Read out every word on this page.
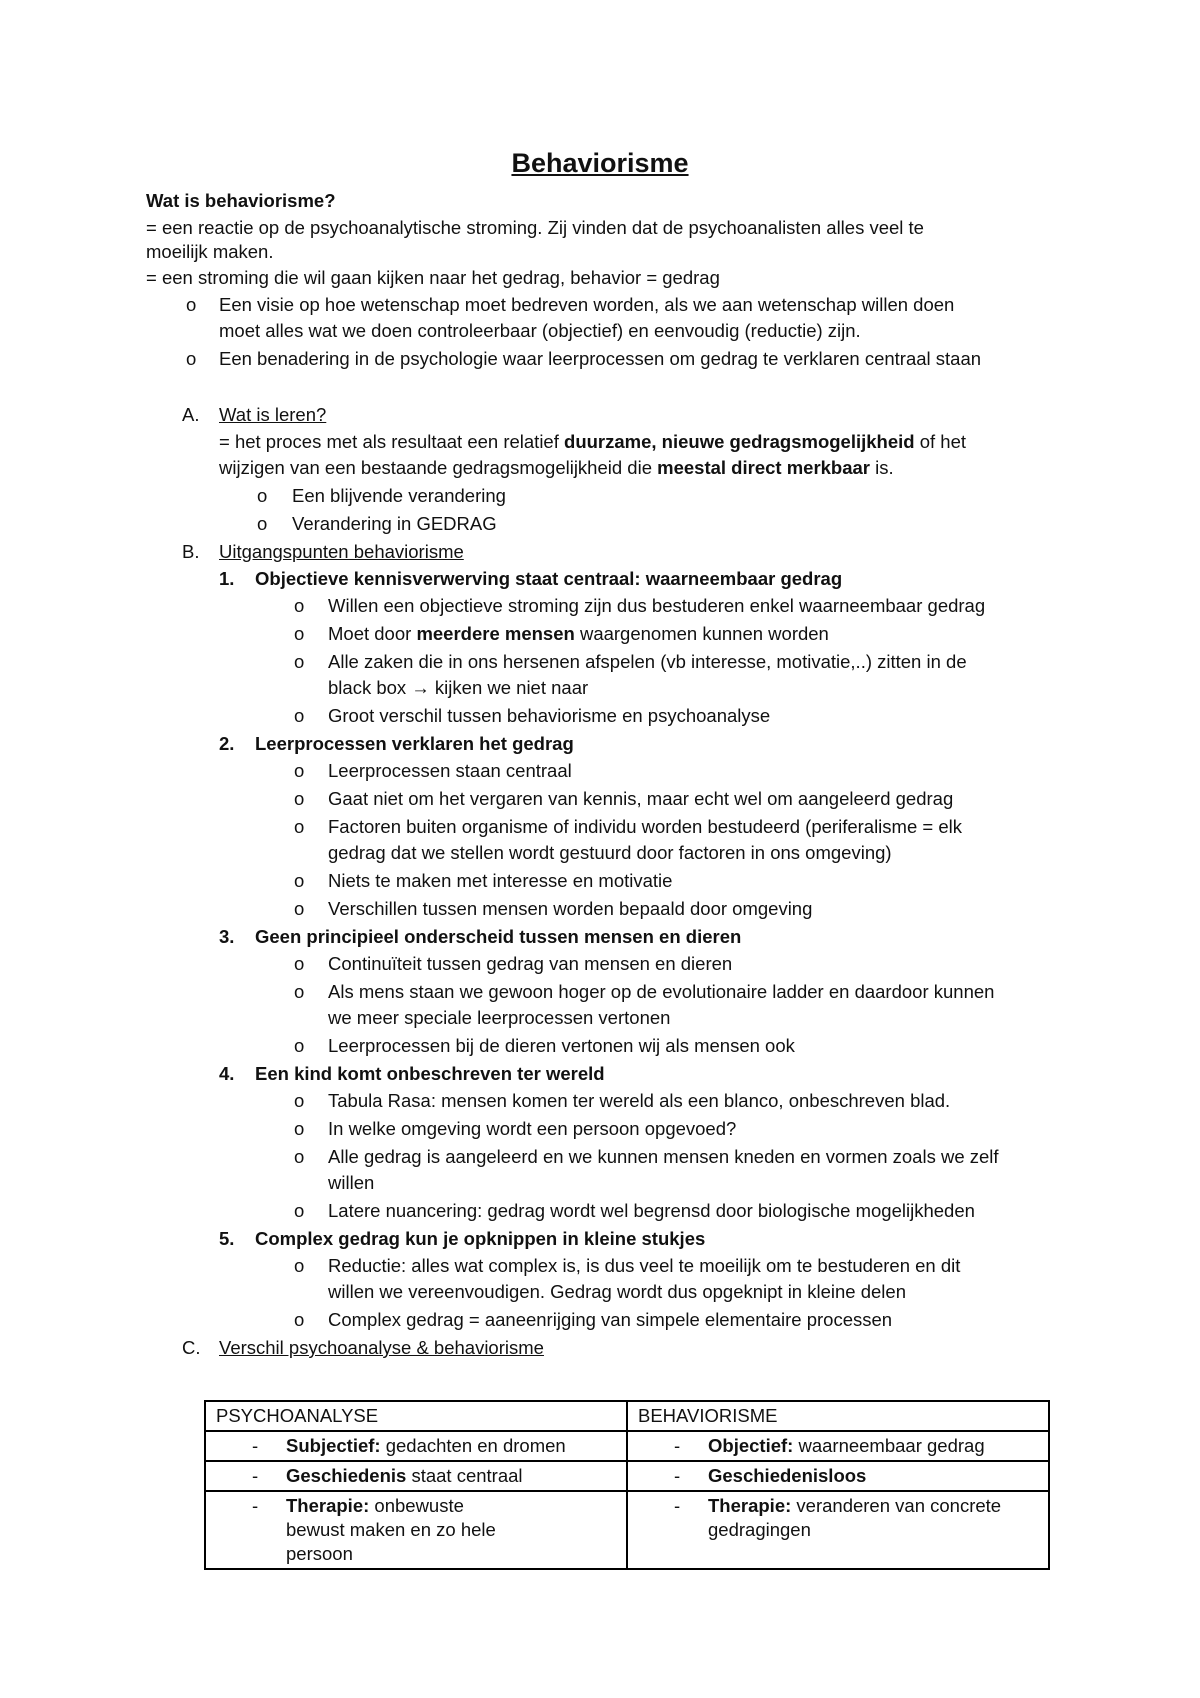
Behaviorisme
Wat is behaviorisme?
= een reactie op de psychoanalytische stroming. Zij vinden dat de psychoanalisten alles veel te
moeilijk maken.
= een stroming die wil gaan kijken naar het gedrag, behavior = gedrag
o Een visie op hoe wetenschap moet bedreven worden, als we aan wetenschap willen doen
moet alles wat we doen controleerbaar (objectief) en eenvoudig (reductie) zijn.
o Een benadering in de psychologie waar leerprocessen om gedrag te verklaren centraal staan
A. Wat is leren?
= het proces met als resultaat een relatief duurzame, nieuwe gedragsmogelijkheid of het
wijzigen van een bestaande gedragsmogelijkheid die meestal direct merkbaar is.
o Een blijvende verandering
o Verandering in GEDRAG
B. Uitgangspunten behaviorisme
1. Objectieve kennisverwerving staat centraal: waarneembaar gedrag
o Willen een objectieve stroming zijn dus bestuderen enkel waarneembaar gedrag
o Moet door meerdere mensen waargenomen kunnen worden
o Alle zaken die in ons hersenen afspelen (vb interesse, motivatie,..) zitten in de
black box → kijken we niet naar
o Groot verschil tussen behaviorisme en psychoanalyse
2. Leerprocessen verklaren het gedrag
o Leerprocessen staan centraal
o Gaat niet om het vergaren van kennis, maar echt wel om aangeleerd gedrag
o Factoren buiten organisme of individu worden bestudeerd (periferalisme = elk
gedrag dat we stellen wordt gestuurd door factoren in ons omgeving)
o Niets te maken met interesse en motivatie
o Verschillen tussen mensen worden bepaald door omgeving
3. Geen principieel onderscheid tussen mensen en dieren
o Continuïteit tussen gedrag van mensen en dieren
o Als mens staan we gewoon hoger op de evolutionaire ladder en daardoor kunnen
we meer speciale leerprocessen vertonen
o Leerprocessen bij de dieren vertonen wij als mensen ook
4. Een kind komt onbeschreven ter wereld
o Tabula Rasa: mensen komen ter wereld als een blanco, onbeschreven blad.
o In welke omgeving wordt een persoon opgevoed?
o Alle gedrag is aangeleerd en we kunnen mensen kneden en vormen zoals we zelf
willen
o Latere nuancering: gedrag wordt wel begrensd door biologische mogelijkheden
5. Complex gedrag kun je opknippen in kleine stukjes
o Reductie: alles wat complex is, is dus veel te moeilijk om te bestuderen en dit
willen we vereenvoudigen. Gedrag wordt dus opgeknipt in kleine delen
o Complex gedrag = aaneenrijging van simpele elementaire processen
C. Verschil psychoanalyse & behaviorisme
PSYCHOANALYSE	BEHAVIORISME

- Subjectief: gedachten en dromen	- Objectief: waarneembaar gedrag

- Geschiedenis staat centraal	- Geschiedenisloos

- Therapie: onbewuste bewust maken en zo hele persoon	- Therapie: veranderen van concrete gedragingen
